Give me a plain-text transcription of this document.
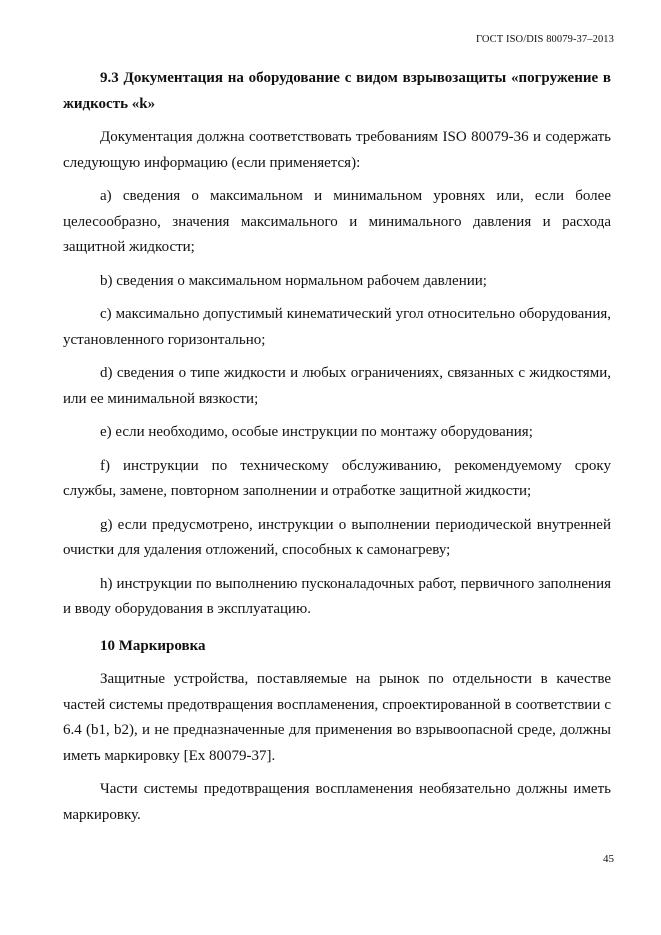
ГОСТ ISO/DIS 80079-37–2013

9.3 Документация на оборудование с видом взрывозащиты «погружение в жидкость «k»

Документация должна соответствовать требованиям ISO 80079-36 и содержать следующую информацию (если применяется):

а) сведения о максимальном и минимальном уровнях или, если более целесообразно, значения максимального и минимального давления и расхода защитной жидкости;

b) сведения о максимальном нормальном рабочем давлении;

c) максимально допустимый кинематический угол относительно оборудования, установленного горизонтально;

d) сведения о типе жидкости и любых ограничениях, связанных с жидкостями, или ее минимальной вязкости;

e) если необходимо, особые инструкции по монтажу оборудования;

f) инструкции по техническому обслуживанию, рекомендуемому сроку службы, замене, повторном заполнении и отработке защитной жидкости;

g) если предусмотрено, инструкции о выполнении периодической внутренней очистки для удаления отложений, способных к самонагреву;

h) инструкции по выполнению пусконаладочных работ, первичного заполнения и вводу оборудования в эксплуатацию.

10 Маркировка

Защитные устройства, поставляемые на рынок по отдельности в качестве частей системы предотвращения воспламенения, спроектированной в соответствии с 6.4 (b1, b2), и не предназначенные для применения во взрывоопасной среде, должны иметь маркировку [Ex 80079-37].

Части системы предотвращения воспламенения необязательно должны иметь маркировку.

45
